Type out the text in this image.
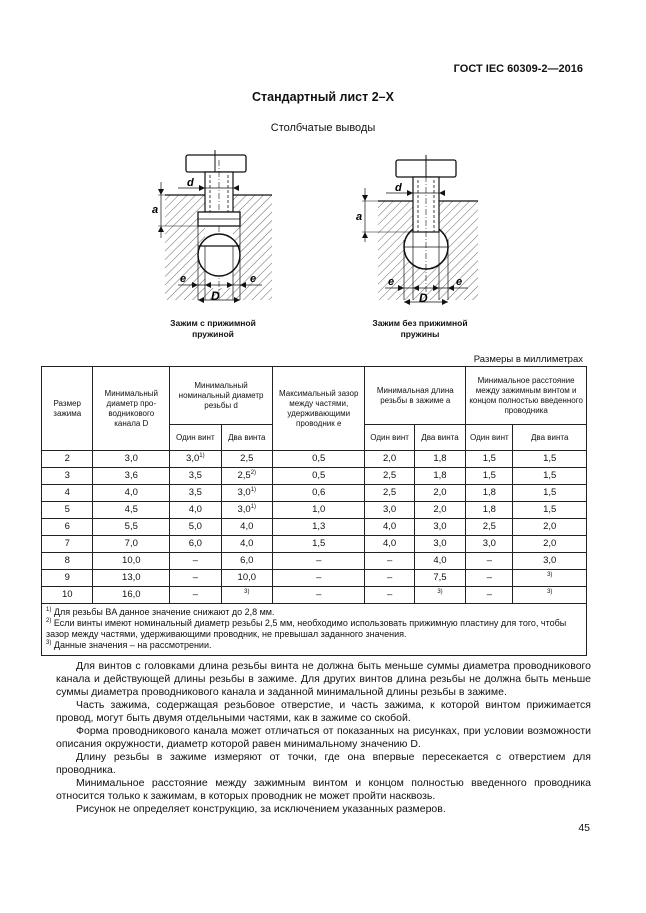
ГОСТ IEC 60309-2—2016
Стандартный лист 2–X
Столбчатые выводы
a
d
e	e
D
a
d
e	e
D
Зажим с прижимной
пружиной
Зажим без прижимной
пружины
Размеры в миллиметрах
Размер зажима	Минимальный диаметр про-водникового канала D	Минимальный номинальный диаметр резьбы d		Максимальный зазор между частями, удерживающими проводник e	Минимальная длина резьбы в зажиме a		Минимальное расстояние между зажимным винтом и концом полностью введенного проводника	
		Один винт	Два винта		Один винт	Два винта	Один винт	Два винта
2	3,0	3,0$^{1)}$	2,5	0,5	2,0	1,8	1,5	1,5
3	3,6	3,5	2,5$^{2)}$	0,5	2,5	1,8	1,5	1,5
4	4,0	3,5	3,0$^{1)}$	0,6	2,5	2,0	1,8	1,5
5	4,5	4,0	3,0$^{1)}$	1,0	3,0	2,0	1,8	1,5
6	5,5	5,0	4,0	1,3	4,0	3,0	2,5	2,0
7	7,0	6,0	4,0	1,5	4,0	3,0	3,0	2,0
8	10,0	–	6,0	–	–	4,0	–	3,0
9	13,0	–	10,0	–	–	7,5	–	$^{3)}$
10	16,0	–	$^{3)}$	–	–	$^{3)}$	–	$^{3)}$

$^{1)}$ Для резьбы BA данное значение снижают до 2,8 мм.
$^{2)}$ Если винты имеют номинальный диаметр резьбы 2,5 мм, необходимо использовать прижимную пластину для того, чтобы зазор между частями, удерживающими проводник, не превышал заданного значения.
$^{3)}$ Данные значения – на рассмотрении.								

Для винтов с головками длина резьбы винта не должна быть меньше суммы диаметра проводникового канала и действующей длины резьбы в зажиме. Для других винтов длина резьбы не должна быть меньше суммы диаметра проводникового канала и заданной минимальной длины резьбы в зажиме.

Часть зажима, содержащая резьбовое отверстие, и часть зажима, к которой винтом прижимается провод, могут быть двумя отдельными частями, как в зажиме со скобой.

Форма проводникового канала может отличаться от показанных на рисунках, при условии возможности описания окружности, диаметр которой равен минимальному значению D.

Длину резьбы в зажиме измеряют от точки, где она впервые пересекается с отверстием для проводника.

Минимальное расстояние между зажимным винтом и концом полностью введенного проводника относится только к зажимам, в которых проводник не может пройти насквозь.

Рисунок не определяет конструкцию, за исключением указанных размеров.

45
